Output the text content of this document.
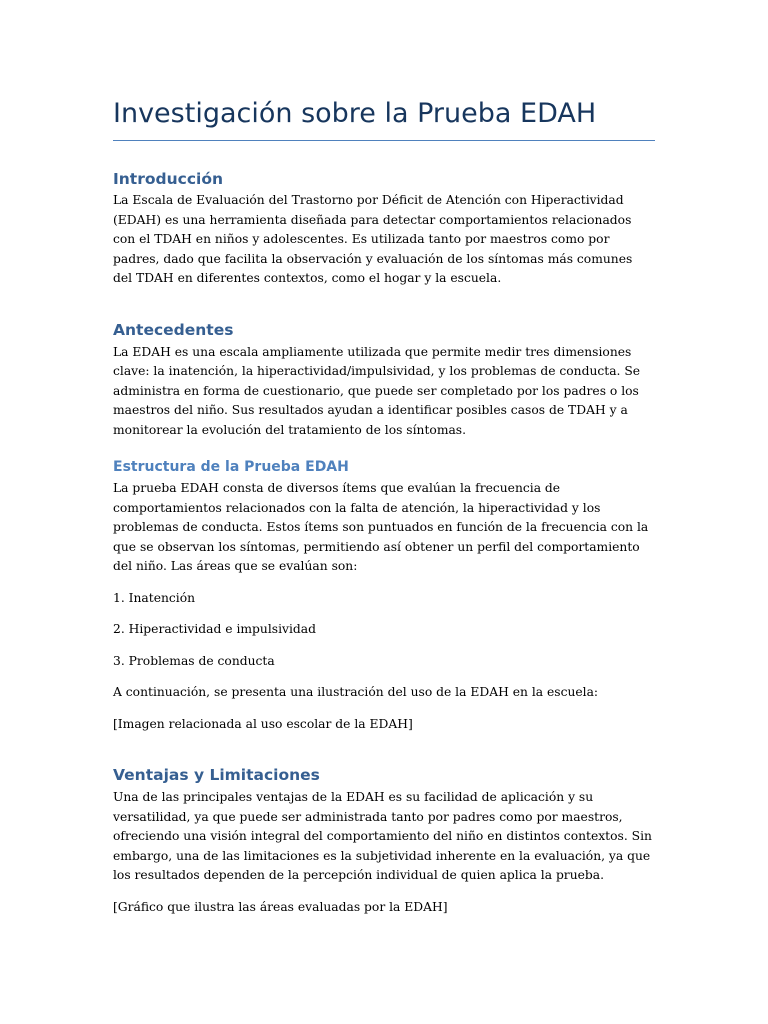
Investigación sobre la Prueba EDAH
Introducción

La Escala de Evaluación del Trastorno por Déficit de Atención con Hiperactividad (EDAH) es una herramienta diseñada para detectar comportamientos relacionados con el TDAH en niños y adolescentes. Es utilizada tanto por maestros como por padres, dado que facilita la observación y evaluación de los síntomas más comunes del TDAH en diferentes contextos, como el hogar y la escuela.

Antecedentes

La EDAH es una escala ampliamente utilizada que permite medir tres dimensiones clave: la inatención, la hiperactividad/impulsividad, y los problemas de conducta. Se administra en forma de cuestionario, que puede ser completado por los padres o los maestros del niño. Sus resultados ayudan a identificar posibles casos de TDAH y a monitorear la evolución del tratamiento de los síntomas.

Estructura de la Prueba EDAH

La prueba EDAH consta de diversos ítems que evalúan la frecuencia de comportamientos relacionados con la falta de atención, la hiperactividad y los problemas de conducta. Estos ítems son puntuados en función de la frecuencia con la que se observan los síntomas, permitiendo así obtener un perfil del comportamiento del niño. Las áreas que se evalúan son:

1. Inatención

2. Hiperactividad e impulsividad

3. Problemas de conducta

A continuación, se presenta una ilustración del uso de la EDAH en la escuela:

[Imagen relacionada al uso escolar de la EDAH]

Ventajas y Limitaciones

Una de las principales ventajas de la EDAH es su facilidad de aplicación y su versatilidad, ya que puede ser administrada tanto por padres como por maestros, ofreciendo una visión integral del comportamiento del niño en distintos contextos. Sin embargo, una de las limitaciones es la subjetividad inherente en la evaluación, ya que los resultados dependen de la percepción individual de quien aplica la prueba.

[Gráfico que ilustra las áreas evaluadas por la EDAH]
